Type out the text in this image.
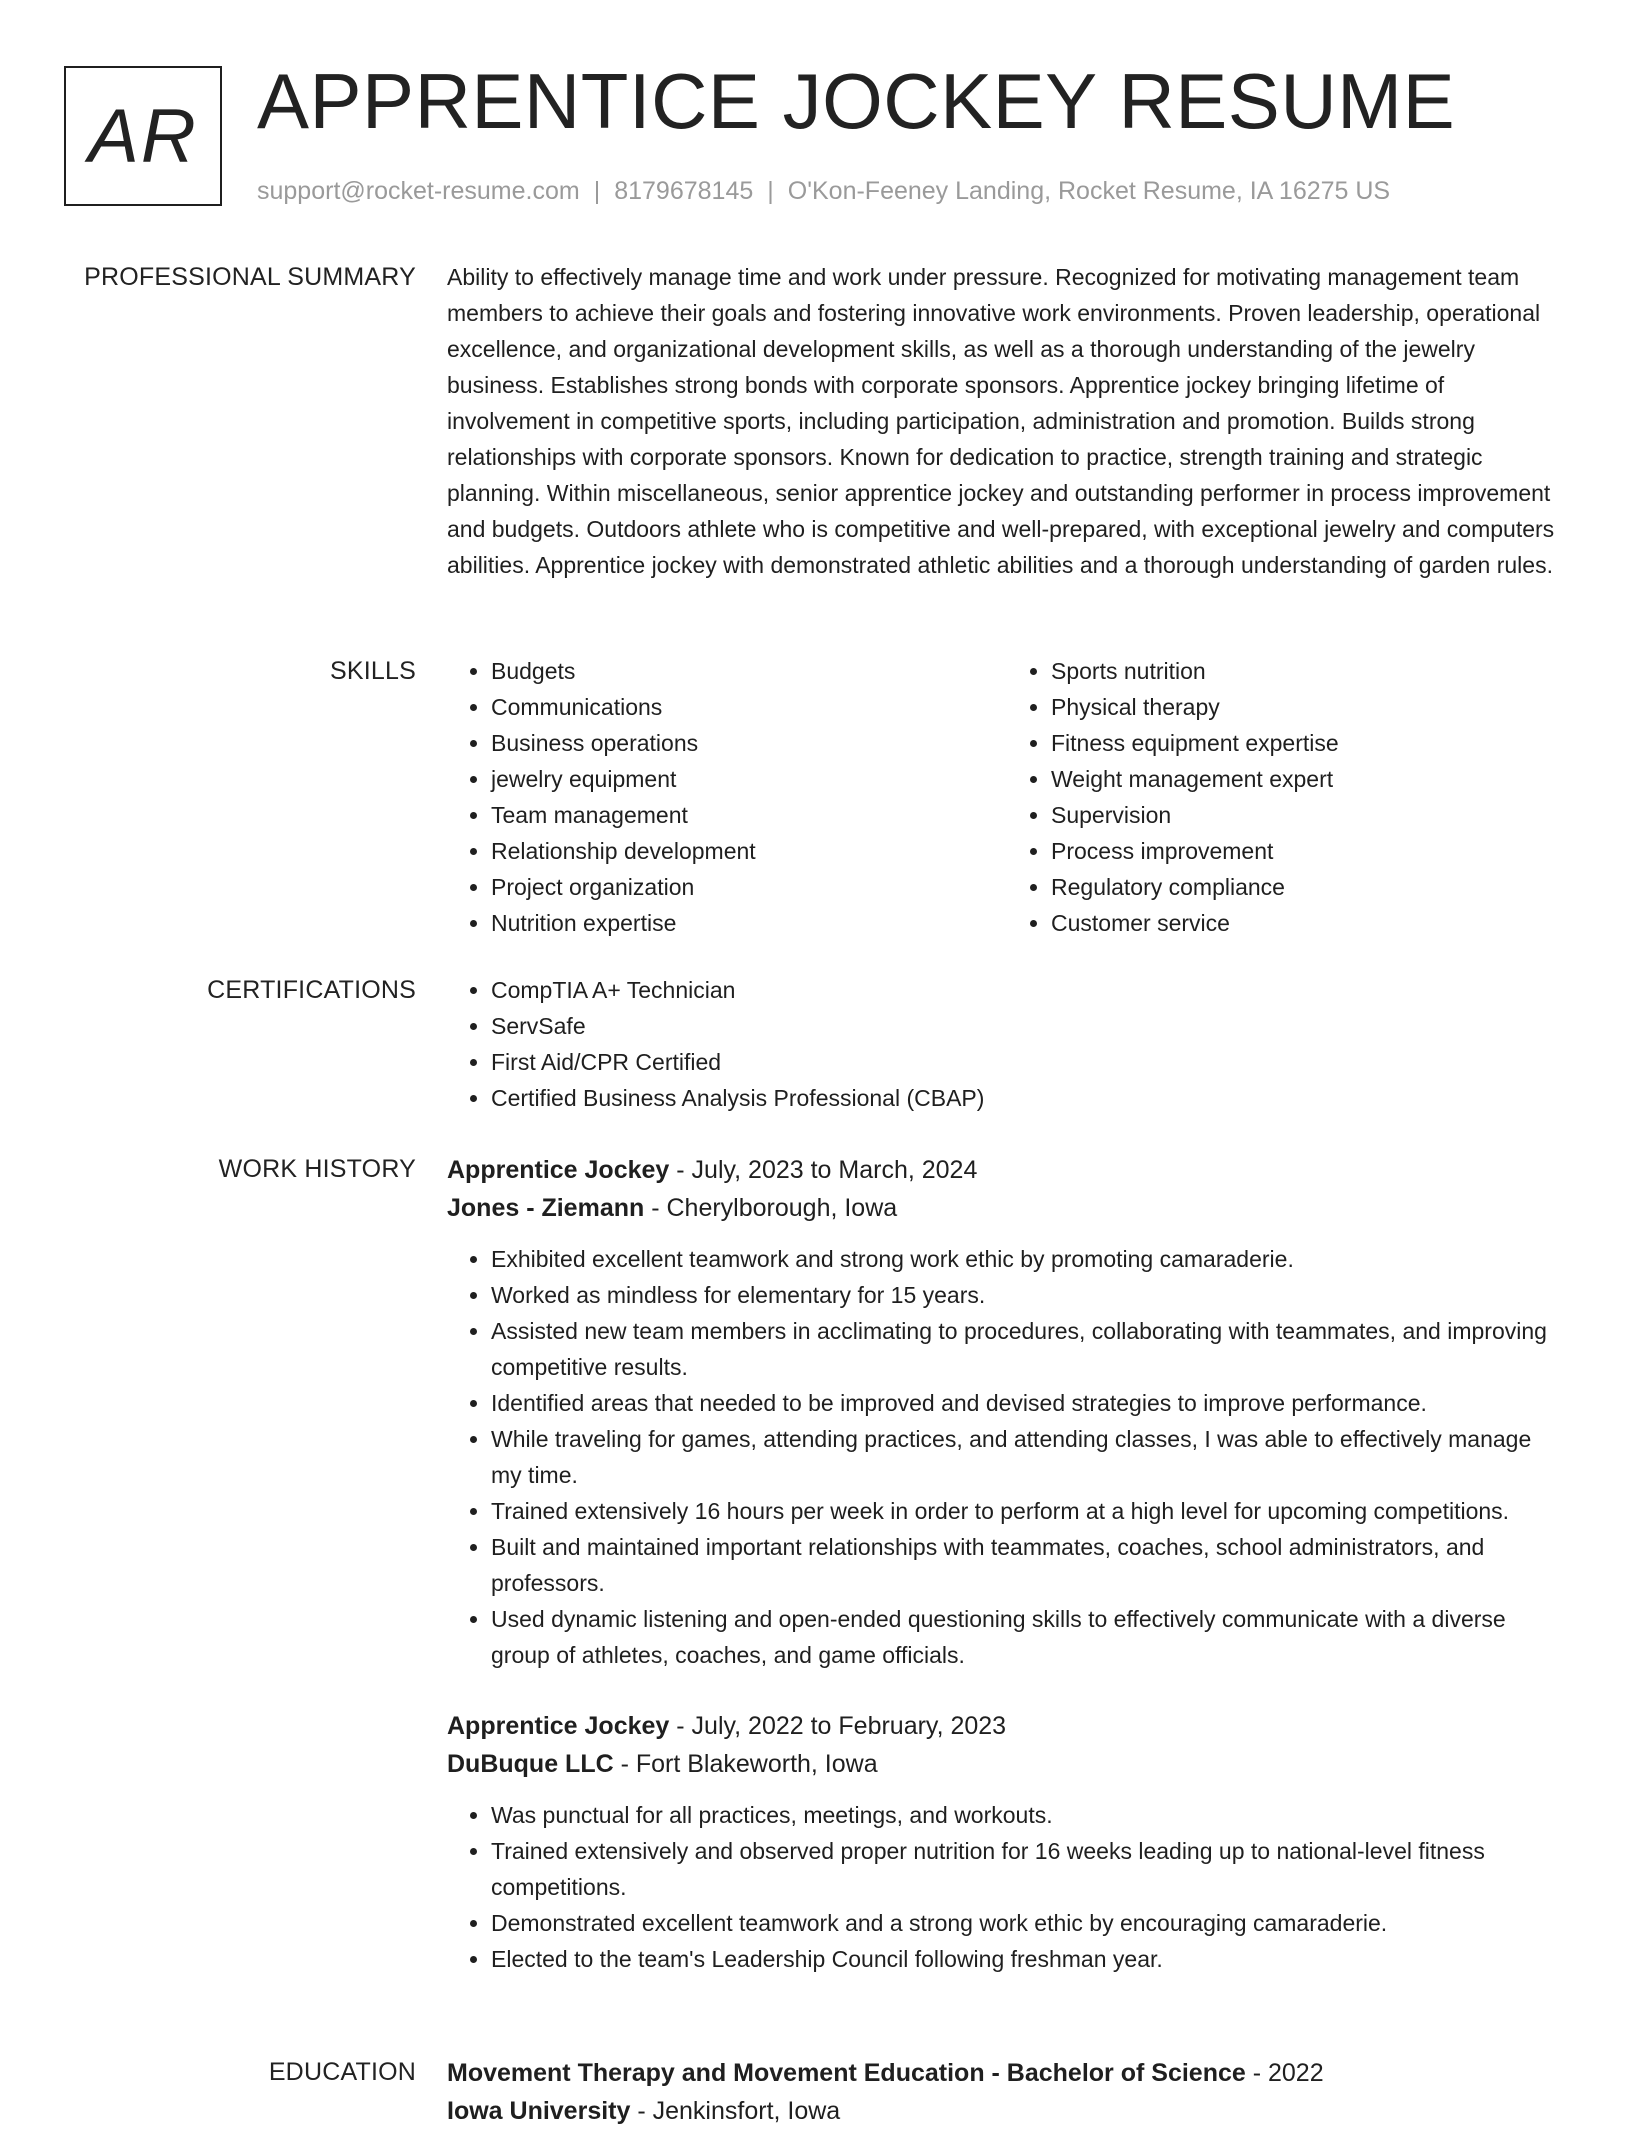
AR APPRENTICE JOCKEY RESUME
support@rocket-resume.com | 8179678145 | O'Kon-Feeney Landing, Rocket Resume, IA 16275 US
PROFESSIONAL SUMMARY Ability to effectively manage time and work under pressure. Recognized for motivating management team members to achieve their goals and fostering innovative work environments. Proven leadership, operational excellence, and organizational development skills, as well as a thorough understanding of the jewelry business. Establishes strong bonds with corporate sponsors. Apprentice jockey bringing lifetime of involvement in competitive sports, including participation, administration and promotion. Builds strong relationships with corporate sponsors. Known for dedication to practice, strength training and strategic planning. Within miscellaneous, senior apprentice jockey and outstanding performer in process improvement and budgets. Outdoors athlete who is competitive and well-prepared, with exceptional jewelry and computers abilities. Apprentice jockey with demonstrated athletic abilities and a thorough understanding of garden rules.

SKILLS	• Budgets
• Communications
• Business operations
• jewelry equipment
• Team management
• Relationship development
• Project organization
• Nutrition expertise
• Sports nutrition
• Physical therapy
• Fitness equipment expertise
• Weight management expert
• Supervision
• Process improvement
• Regulatory compliance
• Customer service
CERTIFICATIONS	• CompTIA A+ Technician
• ServSafe
• First Aid/CPR Certified
• Certified Business Analysis Professional (CBAP)
WORK HISTORY Apprentice Jockey - July, 2023 to March, 2024
Jones - Ziemann - Cherylborough, Iowa
• Exhibited excellent teamwork and strong work ethic by promoting camaraderie.
• Worked as mindless for elementary for 15 years.
• Assisted new team members in acclimating to procedures, collaborating with teammates, and improving competitive results.
• Identified areas that needed to be improved and devised strategies to improve performance.
• While traveling for games, attending practices, and attending classes, I was able to effectively manage my time.
• Trained extensively 16 hours per week in order to perform at a high level for upcoming competitions.
• Built and maintained important relationships with teammates, coaches, school administrators, and professors.
• Used dynamic listening and open-ended questioning skills to effectively communicate with a diverse group of athletes, coaches, and game officials.
Apprentice Jockey - July, 2022 to February, 2023
DuBuque LLC - Fort Blakeworth, Iowa
• Was punctual for all practices, meetings, and workouts.
• Trained extensively and observed proper nutrition for 16 weeks leading up to national-level fitness competitions.
• Demonstrated excellent teamwork and a strong work ethic by encouraging camaraderie.
• Elected to the team's Leadership Council following freshman year.
EDUCATION Movement Therapy and Movement Education - Bachelor of Science - 2022
Iowa University - Jenkinsfort, Iowa
